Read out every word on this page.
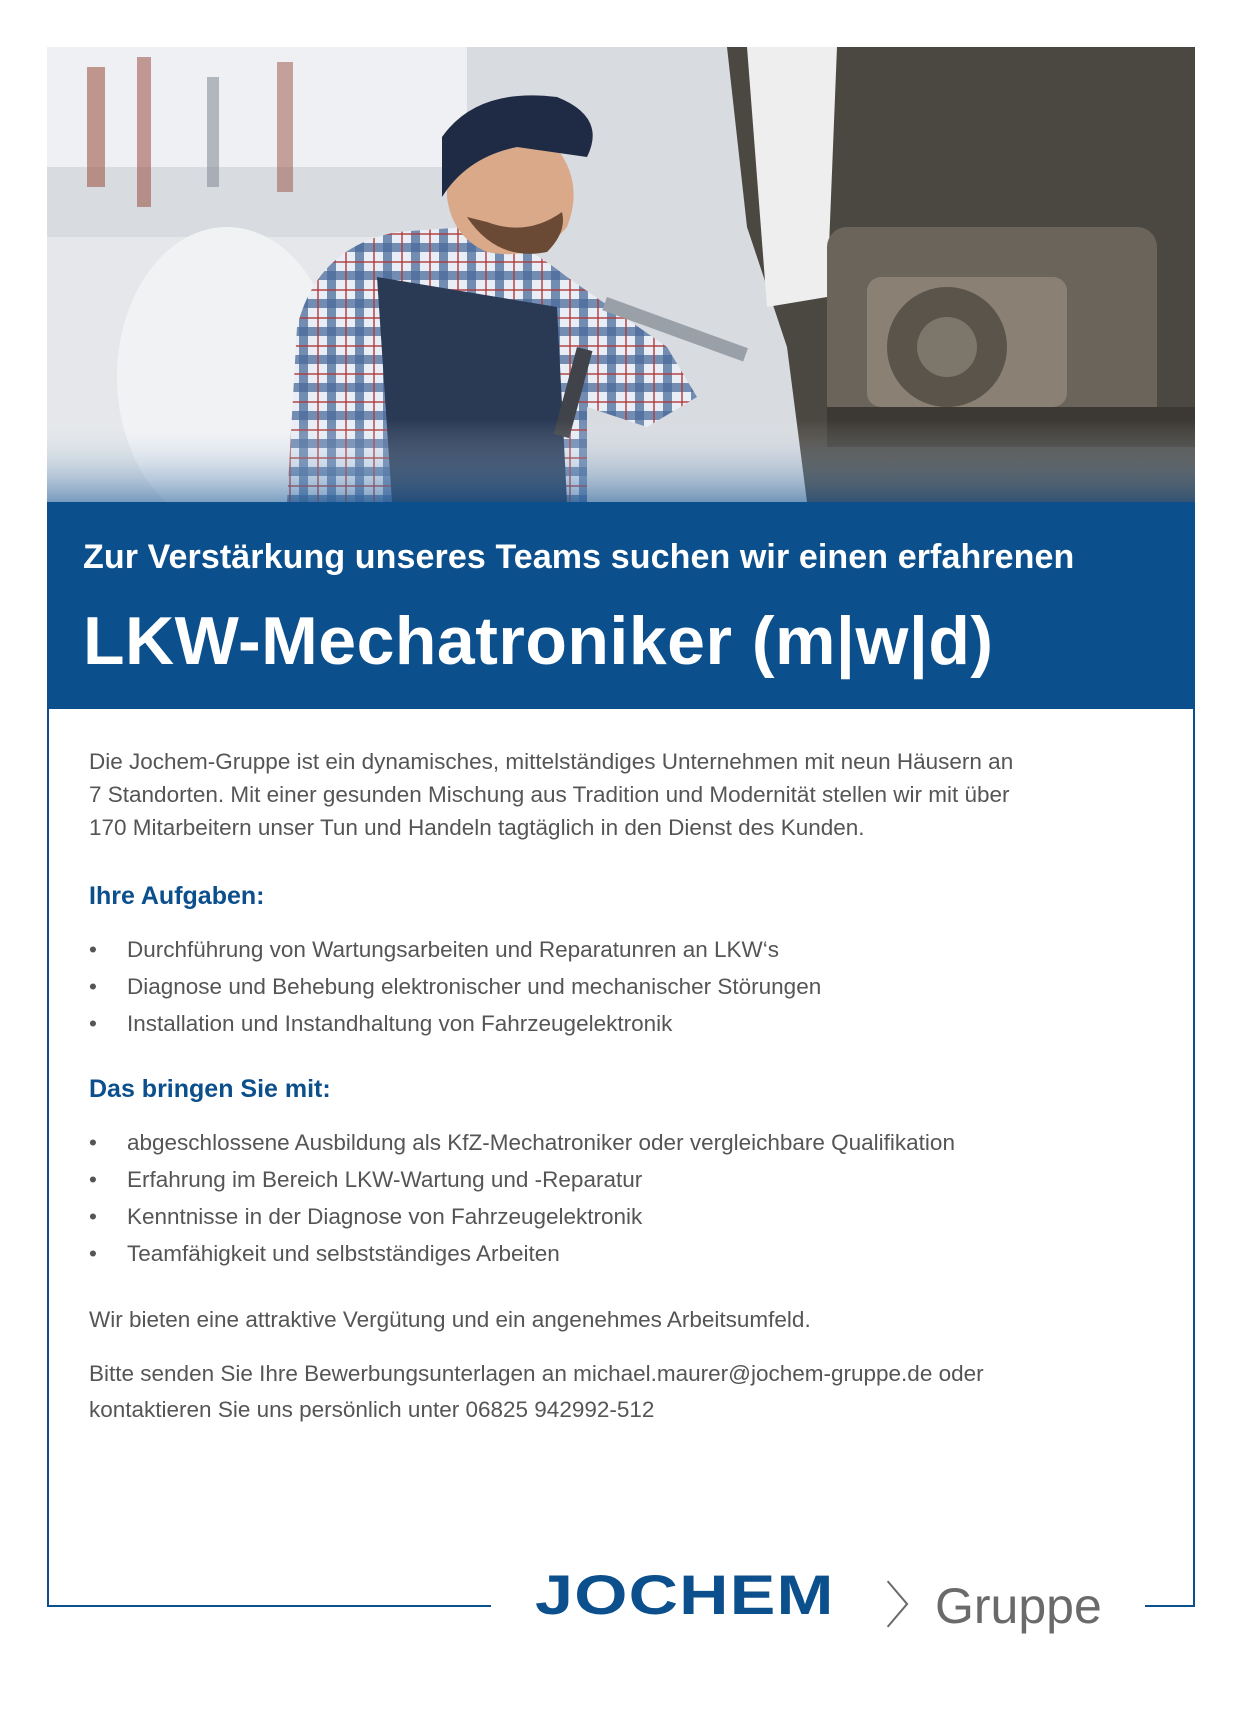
Zur Verstärkung unseres Teams suchen wir einen erfahrenen
LKW-Mechatroniker (m|w|d)

Die Jochem-Gruppe ist ein dynamisches, mittelständiges Unternehmen mit neun Häusern an
7 Standorten. Mit einer gesunden Mischung aus Tradition und Modernität stellen wir mit über
170 Mitarbeitern unser Tun und Handeln tagtäglich in den Dienst des Kunden.

Ihre Aufgaben:
• Durchführung von Wartungsarbeiten und Reparatunren an LKW‘s
• Diagnose und Behebung elektronischer und mechanischer Störungen
• Installation und Instandhaltung von Fahrzeugelektronik
Das bringen Sie mit:
• abgeschlossene Ausbildung als KfZ-Mechatroniker oder vergleichbare Qualifikation
• Erfahrung im Bereich LKW-Wartung und -Reparatur
• Kenntnisse in der Diagnose von Fahrzeugelektronik
• Teamfähigkeit und selbstständiges Arbeiten

Wir bieten eine attraktive Vergütung und ein angenehmes Arbeitsumfeld.

Bitte senden Sie Ihre Bewerbungsunterlagen an michael.maurer@jochem-gruppe.de oder
kontaktieren Sie uns persönlich unter 06825 942992-512

JOCHEM 〉Gruppe
